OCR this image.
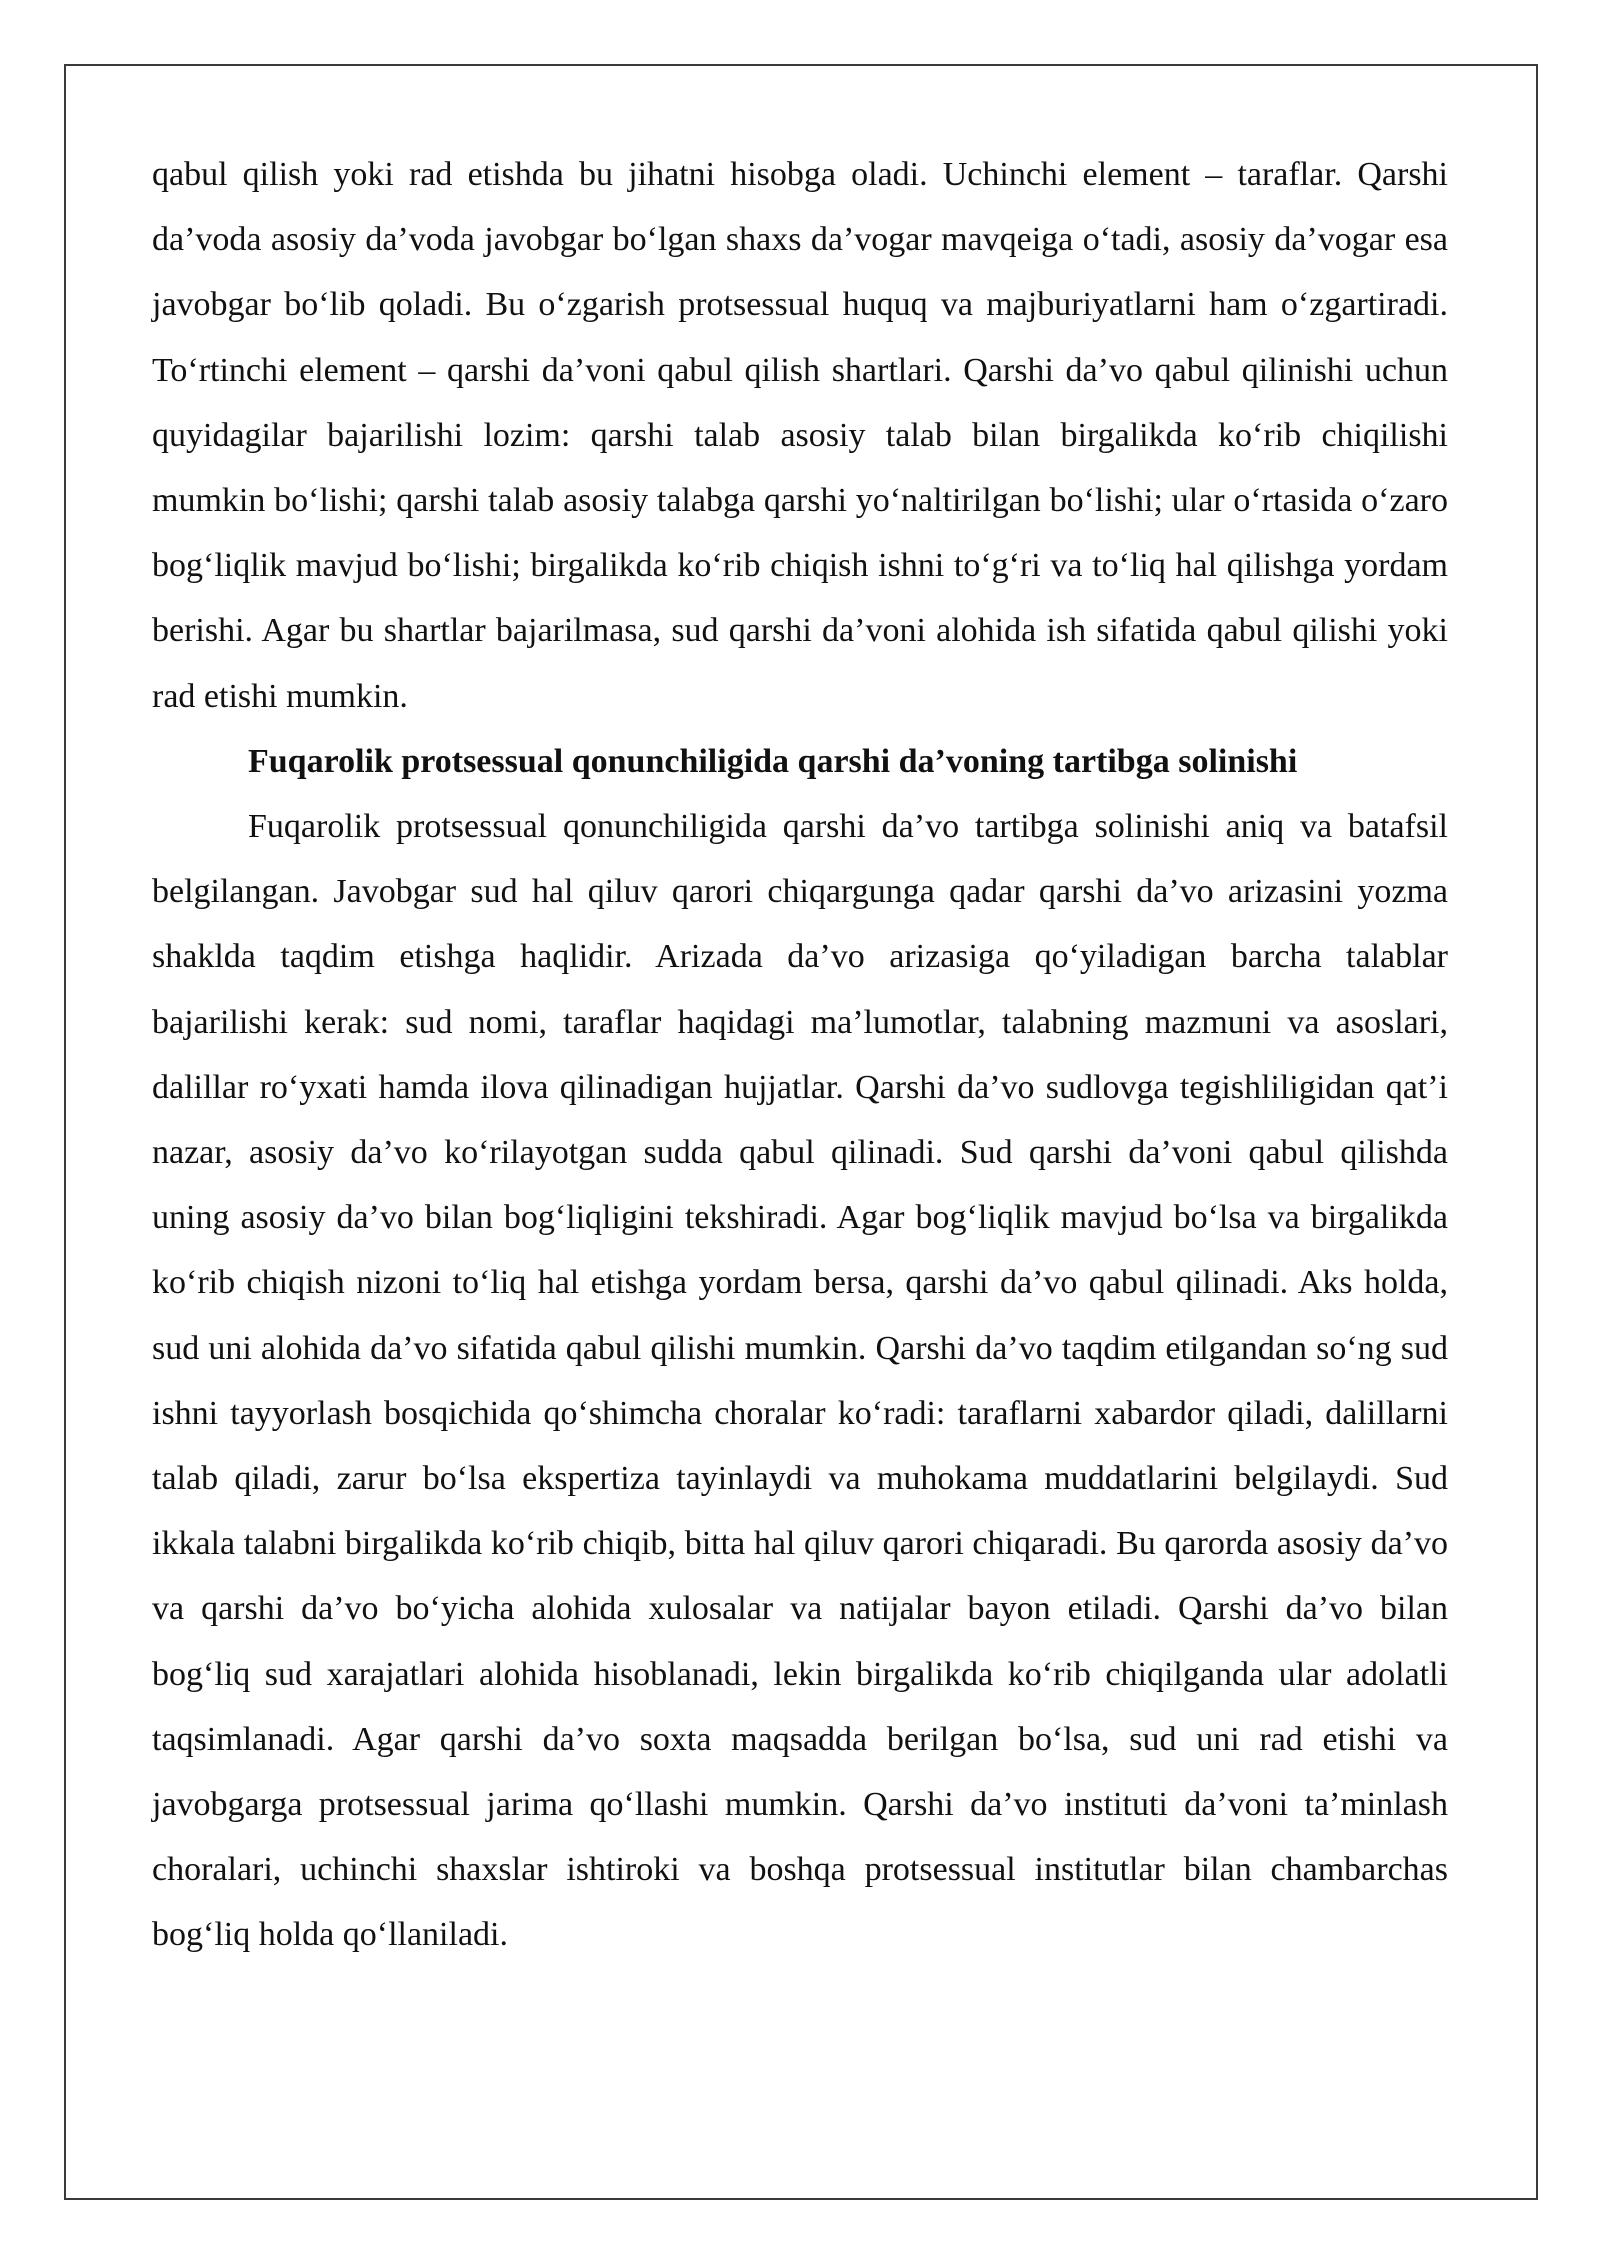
qabul qilish yoki rad etishda bu jihatni hisobga oladi. Uchinchi element – taraflar. Qarshi da’voda asosiy da’voda javobgar bo‘lgan shaxs da’vogar mavqeiga o‘tadi, asosiy da’vogar esa javobgar bo‘lib qoladi. Bu o‘zgarish protsessual huquq va majburiyatlarni ham o‘zgartiradi. To‘rtinchi element – qarshi da’voni qabul qilish shartlari. Qarshi da’vo qabul qilinishi uchun quyidagilar bajarilishi lozim: qarshi talab asosiy talab bilan birgalikda ko‘rib chiqilishi mumkin bo‘lishi; qarshi talab asosiy talabga qarshi yo‘naltirilgan bo‘lishi; ular o‘rtasida o‘zaro bog‘liqlik mavjud bo‘lishi; birgalikda ko‘rib chiqish ishni to‘g‘ri va to‘liq hal qilishga yordam berishi. Agar bu shartlar bajarilmasa, sud qarshi da’voni alohida ish sifatida qabul qilishi yoki rad etishi mumkin.

Fuqarolik protsessual qonunchiligida qarshi da’voning tartibga solinishi

Fuqarolik protsessual qonunchiligida qarshi da’vo tartibga solinishi aniq va batafsil belgilangan. Javobgar sud hal qiluv qarori chiqargunga qadar qarshi da’vo arizasini yozma shaklda taqdim etishga haqlidir. Arizada da’vo arizasiga qo‘yiladigan barcha talablar bajarilishi kerak: sud nomi, taraflar haqidagi ma’lumotlar, talabning mazmuni va asoslari, dalillar ro‘yxati hamda ilova qilinadigan hujjatlar. Qarshi da’vo sudlovga tegishliligidan qat’i nazar, asosiy da’vo ko‘rilayotgan sudda qabul qilinadi. Sud qarshi da’voni qabul qilishda uning asosiy da’vo bilan bog‘liqligini tekshiradi. Agar bog‘liqlik mavjud bo‘lsa va birgalikda ko‘rib chiqish nizoni to‘liq hal etishga yordam bersa, qarshi da’vo qabul qilinadi. Aks holda, sud uni alohida da’vo sifatida qabul qilishi mumkin. Qarshi da’vo taqdim etilgandan so‘ng sud ishni tayyorlash bosqichida qo‘shimcha choralar ko‘radi: taraflarni xabardor qiladi, dalillarni talab qiladi, zarur bo‘lsa ekspertiza tayinlaydi va muhokama muddatlarini belgilaydi. Sud ikkala talabni birgalikda ko‘rib chiqib, bitta hal qiluv qarori chiqaradi. Bu qarorda asosiy da’vo va qarshi da’vo bo‘yicha alohida xulosalar va natijalar bayon etiladi. Qarshi da’vo bilan bog‘liq sud xarajatlari alohida hisoblanadi, lekin birgalikda ko‘rib chiqilganda ular adolatli taqsimlanadi. Agar qarshi da’vo soxta maqsadda berilgan bo‘lsa, sud uni rad etishi va javobgarga protsessual jarima qo‘llashi mumkin. Qarshi da’vo instituti da’voni ta’minlash choralari, uchinchi shaxslar ishtiroki va boshqa protsessual institutlar bilan chambarchas bog‘liq holda qo‘llaniladi.
